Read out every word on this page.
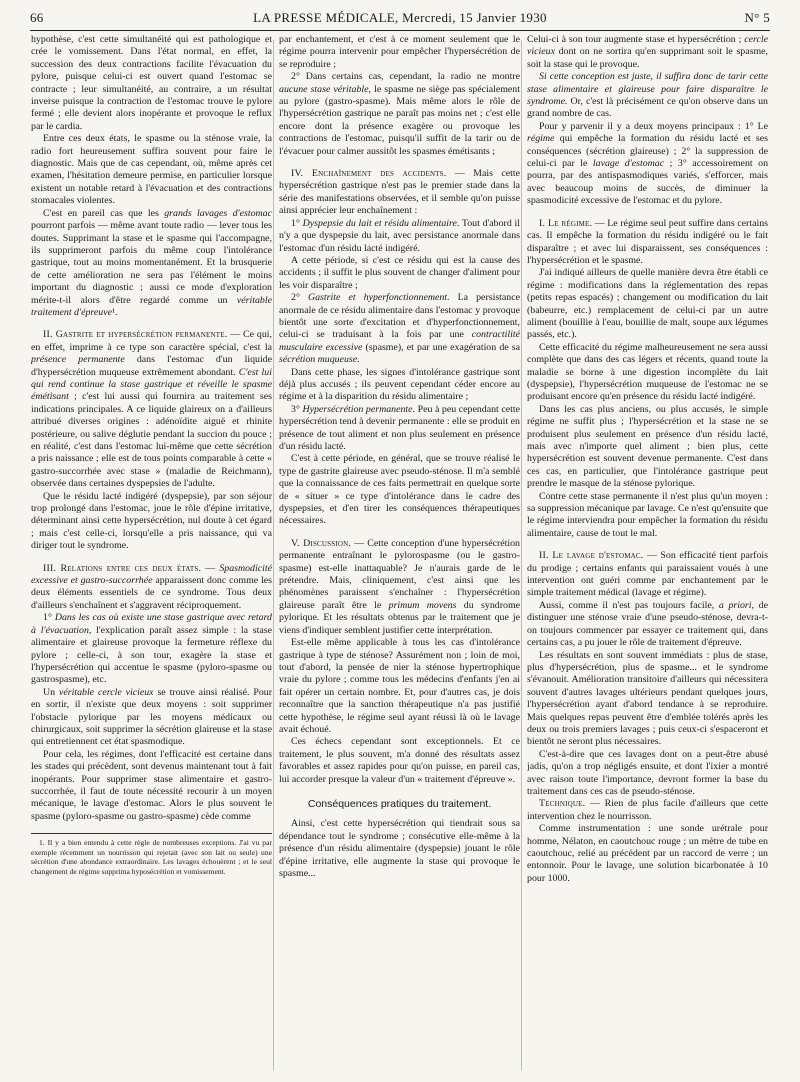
66	LA PRESSE MÉDICALE, Mercredi, 15 Janvier 1930	N° 5

hypothèse, c'est cette simultanéité qui est pathologique et crée le vomissement. Dans l'état normal, en effet, la succession des deux contractions facilite l'évacuation du pylore, puisque celui-ci est ouvert quand l'estomac se contracte ; leur simultanéité, au contraire, a un résultat inverse puisque la contraction de l'estomac trouve le pylore fermé ; elle devient alors inopérante et provoque le reflux par le cardia.

Entre ces deux états, le spasme ou la sténose vraie, la radio fort heureusement suffira souvent pour faire le diagnostic. Mais que de cas cependant, où, même après cet examen, l'hésitation demeure permise, en particulier lorsque existent un notable retard à l'évacuation et des contractions stomacales violentes.

C'est en pareil cas que les grands lavages d'estomac pourront parfois — même avant toute radio — lever tous les doutes. Supprimant la stase et le spasme qui l'accompagne, ils supprimeront parfois du même coup l'intolérance gastrique, tout au moins momentanément. Et la brusquerie de cette amélioration ne sera pas l'élément le moins important du diagnostic ; aussi ce mode d'exploration mérite-t-il alors d'être regardé comme un véritable traitement d'épreuve¹.

II. Gastrite et hypersécrétion permanente. — Ce qui, en effet, imprime à ce type son caractère spécial, c'est la présence permanente dans l'estomac d'un liquide d'hypersécrétion muqueuse extrêmement abondant. C'est lui qui rend continue la stase gastrique et réveille le spasme émétisant ; c'est lui aussi qui fournira au traitement ses indications principales. A ce liquide glaireux on a d'ailleurs attribué diverses origines : adénoïdite aiguë et rhinite postérieure, ou salive déglutie pendant la succion du pouce ; en réalité, c'est dans l'estomac lui-même que cette sécrétion a pris naissance ; elle est de tous points comparable à cette « gastro-succorrhée avec stase » (maladie de Reichmann), observée dans certaines dyspepsies de l'adulte.

Que le résidu lacté indigéré (dyspepsie), par son séjour trop prolongé dans l'estomac, joue le rôle d'épine irritative, déterminant ainsi cette hypersécrétion, nul doute à cet égard ; mais c'est celle-ci, lorsqu'elle a pris naissance, qui va diriger tout le syndrome.

III. Relations entre ces deux états. — Spasmodicité excessive et gastro-succorrhée apparaissent donc comme les deux éléments essentiels de ce syndrome. Tous deux d'ailleurs s'enchaînent et s'aggravent réciproquement.

1° Dans les cas où existe une stase gastrique avec retard à l'évacuation, l'explication paraît assez simple : la stase alimentaire et glaireuse provoque la fermeture réflexe du pylore ; celle-ci, à son tour, exagère la stase et l'hypersécrétion qui accentue le spasme (pyloro-spasme ou gastrospasme), etc.

Un véritable cercle vicieux se trouve ainsi réalisé. Pour en sortir, il n'existe que deux moyens : soit supprimer l'obstacle pylorique par les moyens médicaux ou chirurgicaux, soit supprimer la sécrétion glaireuse et la stase qui entretiennent cet état spasmodique.

Pour cela, les régimes, dont l'efficacité est certaine dans les stades qui précèdent, sont devenus maintenant tout à fait inopérants. Pour supprimer stase alimentaire et gastro-succorrhée, il faut de toute nécessité recourir à un moyen mécanique, le lavage d'estomac. Alors le plus souvent le spasme (pyloro-spasme ou gastro-spasme) cède comme

1. Il y a bien entendu à cette règle de nombreuses exceptions. J'ai vu par exemple récemment un nourrisson qui rejetait (avec son lait ou seule) une sécrétion d'une abondance extraordinaire. Les lavages échouèrent ; et le seul changement de régime supprima hyposécrétion et vomissement.

par enchantement, et c'est à ce moment seulement que le régime pourra intervenir pour empêcher l'hypersécrétion de se reproduire ;

2° Dans certains cas, cependant, la radio ne montre aucune stase véritable, le spasme ne siège pas spécialement au pylore (gastro-spasme). Mais même alors le rôle de l'hypersécrétion gastrique ne paraît pas moins net ; c'est elle encore dont la présence exagère ou provoque les contractions de l'estomac, puisqu'il suffit de la tarir ou de l'évacuer pour calmer aussitôt les spasmes émétisants ;

IV. Enchaînement des accidents. — Mais cette hypersécrétion gastrique n'est pas le premier stade dans la série des manifestations observées, et il semble qu'on puisse ainsi apprécier leur enchaînement :

1° Dyspepsie du lait et résidu alimentaire. Tout d'abord il n'y a que dyspepsie du lait, avec persistance anormale dans l'estomac d'un résidu lacté indigéré.

A cette période, si c'est ce résidu qui est la cause des accidents ; il suffit le plus souvent de changer d'aliment pour les voir disparaître ;

2° Gastrite et hyperfonctionnement. La persistance anormale de ce résidu alimentaire dans l'estomac y provoque bientôt une sorte d'excitation et d'hyperfonctionnement, celui-ci se traduisant à la fois par une contractilité musculaire excessive (spasme), et par une exagération de sa sécrétion muqueuse.

Dans cette phase, les signes d'intolérance gastrique sont déjà plus accusés ; ils peuvent cependant céder encore au régime et à la disparition du résidu alimentaire ;

3° Hypersécrétion permanente. Peu à peu cependant cette hypersécrétion tend à devenir permanente : elle se produit en présence de tout aliment et non plus seulement en présence d'un résidu lacté.

C'est à cette période, en général, que se trouve réalisé le type de gastrite glaireuse avec pseudo-sténose. Il m'a semblé que la connaissance de ces faits permettrait en quelque sorte de « situer » ce type d'intolérance dans le cadre des dyspepsies, et d'en tirer les conséquences thérapeutiques nécessaires.

V. Discussion. — Cette conception d'une hypersécrétion permanente entraînant le pylorospasme (ou le gastro-spasme) est-elle inattaquable? Je n'aurais garde de le prétendre. Mais, cliniquement, c'est ainsi que les phénomènes paraissent s'enchaîner : l'hypersécrétion glaireuse paraît être le primum movens du syndrome pylorique. Et les résultats obtenus par le traitement que je viens d'indiquer semblent justifier cette interprétation.

Est-elle même applicable à tous les cas d'intolérance gastrique à type de sténose? Assurément non ; loin de moi, tout d'abord, la pensée de nier la sténose hypertrophique vraie du pylore ; comme tous les médecins d'enfants j'en ai fait opérer un certain nombre. Et, pour d'autres cas, je dois reconnaître que la sanction thérapeutique n'a pas justifié cette hypothèse, le régime seul ayant réussi là où le lavage avait échoué.

Ces échecs cependant sont exceptionnels. Et ce traitement, le plus souvent, m'a donné des résultats assez favorables et assez rapides pour qu'on puisse, en pareil cas, lui accorder presque la valeur d'un « traitement d'épreuve ».

Conséquences pratiques du traitement.

Ainsi, c'est cette hypersécrétion qui tiendrait sous sa dépendance tout le syndrome ; consécutive elle-même à la présence d'un résidu alimentaire (dyspepsie) jouant le rôle d'épine irritative, elle augmente la stase qui provoque le spasme...

Celui-ci à son tour augmente stase et hypersécrétion ; cercle vicieux dont on ne sortira qu'en supprimant soit le spasme, soit la stase qui le provoque.

Si cette conception est juste, il suffira donc de tarir cette stase alimentaire et glaireuse pour faire disparaître le syndrome. Or, c'est là précisément ce qu'on observe dans un grand nombre de cas.

Pour y parvenir il y a deux moyens principaux : 1° Le régime qui empêche la formation du résidu lacté et ses conséquences (sécrétion glaireuse) ; 2° la suppression de celui-ci par le lavage d'estomac ; 3° accessoirement on pourra, par des antispasmodiques variés, s'efforcer, mais avec beaucoup moins de succès, de diminuer la spasmodicité excessive de l'estomac et du pylore.

I. Le régime. — Le régime seul peut suffire dans certains cas. Il empêche la formation du résidu indigéré ou le fait disparaître ; et avec lui disparaissent, ses conséquences : l'hypersécrétion et le spasme.

J'ai indiqué ailleurs de quelle manière devra être établi ce régime : modifications dans la réglementation des repas (petits repas espacés) ; changement ou modification du lait (babeurre, etc.) remplacement de celui-ci par un autre aliment (bouillie à l'eau, bouillie de malt, soupe aux légumes passés, etc.).

Cette efficacité du régime malheureusement ne sera aussi complète que dans des cas légers et récents, quand toute la maladie se borne à une digestion incomplète du lait (dyspepsie), l'hypersécrétion muqueuse de l'estomac ne se produisant encore qu'en présence du résidu lacté indigéré.

Dans les cas plus anciens, ou plus accusés, le simple régime ne suffit plus ; l'hypersécrétion et la stase ne se produisent plus seulement en présence d'un résidu lacté, mais avec n'importe quel aliment ; bien plus, cette hypersécrétion est souvent devenue permanente. C'est dans ces cas, en particulier, que l'intolérance gastrique peut prendre le masque de la sténose pylorique.

Contre cette stase permanente il n'est plus qu'un moyen : sa suppression mécanique par lavage. Ce n'est qu'ensuite que le régime interviendra pour empêcher la formation du résidu alimentaire, cause de tout le mal.

II. Le lavage d'estomac. — Son efficacité tient parfois du prodige ; certains enfants qui paraissaient voués à une intervention ont guéri comme par enchantement par le simple traitement médical (lavage et régime).

Aussi, comme il n'est pas toujours facile, a priori, de distinguer une sténose vraie d'une pseudo-sténose, devra-t-on toujours commencer par essayer ce traitement qui, dans certains cas, a pu jouer le rôle de traitement d'épreuve.

Les résultats en sont souvent immédiats : plus de stase, plus d'hypersécrétion, plus de spasme... et le syndrome s'évanouit. Amélioration transitoire d'ailleurs qui nécessitera souvent d'autres lavages ultérieurs pendant quelques jours, l'hypersécrétion ayant d'abord tendance à se reproduire. Mais quelques repas peuvent être d'emblée tolérés après les deux ou trois premiers lavages ; puis ceux-ci s'espaceront et bientôt ne seront plus nécessaires.

C'est-à-dire que ces lavages dont on a peut-être abusé jadis, qu'on a trop négligés ensuite, et dont l'ixier a montré avec raison toute l'importance, devront former la base du traitement dans ces cas de pseudo-sténose.

Technique. — Rien de plus facile d'ailleurs que cette intervention chez le nourrisson.

Comme instrumentation : une sonde urétrale pour homme, Nélaton, en caoutchouc rouge ; un mètre de tube en caoutchouc, relié au précédent par un raccord de verre ; un entonnoir. Pour le lavage, une solution bicarbonatée à 10 pour 1000.
